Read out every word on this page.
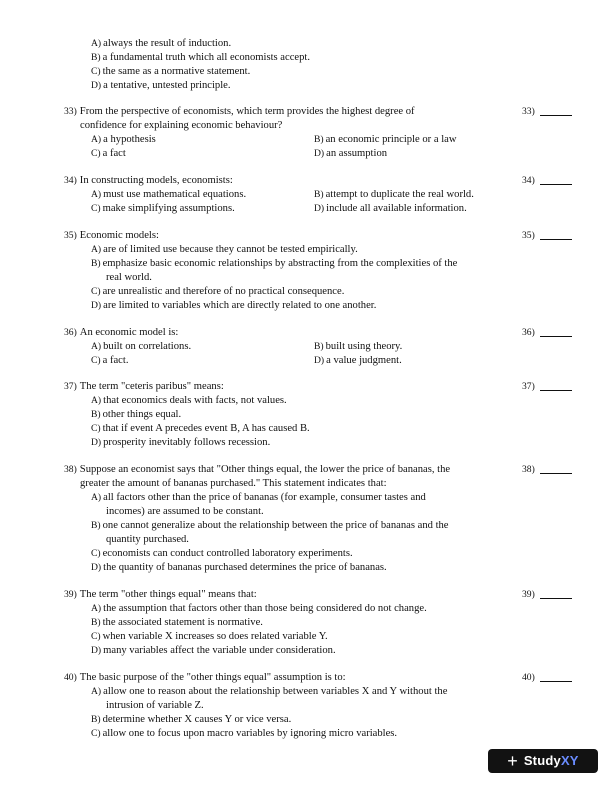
A) always the result of induction.
B) a fundamental truth which all economists accept.
C) the same as a normative statement.
D) a tentative, untested principle.
33) From the perspective of economists, which term provides the highest degree of
confidence for explaining economic behaviour?
33)
A) a hypothesis	B) an economic principle or a law
C) a fact	D) an assumption
34) In constructing models, economists:	34)
A) must use mathematical equations.	B) attempt to duplicate the real world.
C) make simplifying assumptions.	D) include all available information.
35) Economic models:	35)
A) are of limited use because they cannot be tested empirically.
B) emphasize basic economic relationships by abstracting from the complexities of the
real world.
C) are unrealistic and therefore of no practical consequence.
D) are limited to variables which are directly related to one another.
36) An economic model is:	36)
A) built on correlations.	B) built using theory.
C) a fact.	D) a value judgment.
37) The term "ceteris paribus" means:	37)
A) that economics deals with facts, not values.
B) other things equal.
C) that if event A precedes event B, A has caused B.
D) prosperity inevitably follows recession.
38) Suppose an economist says that "Other things equal, the lower the price of bananas, the
greater the amount of bananas purchased." This statement indicates that:
38)
A) all factors other than the price of bananas (for example, consumer tastes and
incomes) are assumed to be constant.
B) one cannot generalize about the relationship between the price of bananas and the
quantity purchased.
C) economists can conduct controlled laboratory experiments.
D) the quantity of bananas purchased determines the price of bananas.
39) The term "other things equal" means that:	39)
A) the assumption that factors other than those being considered do not change.
B) the associated statement is normative.
C) when variable X increases so does related variable Y.
D) many variables affect the variable under consideration.
40) The basic purpose of the "other things equal" assumption is to:	40)
A) allow one to reason about the relationship between variables X and Y without the
intrusion of variable Z.
B) determine whether X causes Y or vice versa.
C) allow one to focus upon macro variables by ignoring micro variables.
+ StudyXY
